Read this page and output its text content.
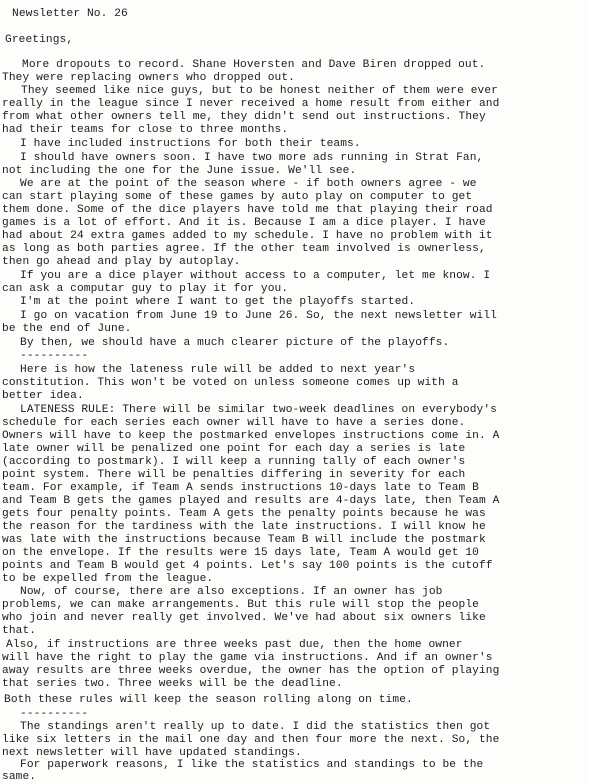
Newsletter No. 26
Greetings,
More dropouts to record. Shane Hoversten and Dave Biren dropped out.
They were replacing owners who dropped out.
They seemed like nice guys, but to be honest neither of them were ever
really in the league since I never received a home result from either and
from what other owners tell me, they didn't send out instructions. They
had their teams for close to three months.
I have included instructions for both their teams.
I should have owners soon. I have two more ads running in Strat Fan,
not including the one for the June issue. We'll see.
We are at the point of the season where - if both owners agree - we
can start playing some of these games by auto play on computer to get
them done. Some of the dice players have told me that playing their road
games is a lot of effort. And it is. Because I am a dice player. I have
had about 24 extra games added to my schedule. I have no problem with it
as long as both parties agree. If the other team involved is ownerless,
then go ahead and play by autoplay.
If you are a dice player without access to a computer, let me know. I
can ask a computar guy to play it for you.
I'm at the point where I want to get the playoffs started.
I go on vacation from June 19 to June 26. So, the next newsletter will
be the end of June.
By then, we should have a much clearer picture of the playoffs.
----------
Here is how the lateness rule will be added to next year's
constitution. This won't be voted on unless someone comes up with a
better idea.
LATENESS RULE: There will be similar two-week deadlines on everybody's
schedule for each series each owner will have to have a series done.
Owners will have to keep the postmarked envelopes instructions come in. A
late owner will be penalized one point for each day a series is late
(according to postmark). I will keep a running tally of each owner's
point system. There will be penalties differing in severity for each
team. For example, if Team A sends instructions 10-days late to Team B
and Team B gets the games played and results are 4-days late, then Team A
gets four penalty points. Team A gets the penalty points because he was
the reason for the tardiness with the late instructions. I will know he
was late with the instructions because Team B will include the postmark
on the envelope. If the results were 15 days late, Team A would get 10
points and Team B would get 4 points. Let's say 100 points is the cutoff
to be expelled from the league.
Now, of course, there are also exceptions. If an owner has job
problems, we can make arrangements. But this rule will stop the people
who join and never really get involved. We've had about six owners like
that.
Also, if instructions are three weeks past due, then the home owner
will have the right to play the game via instructions. And if an owner's
away results are three weeks overdue, the owner has the option of playing
that series two. Three weeks will be the deadline.
Both these rules will keep the season rolling along on time.
----------
The standings aren't really up to date. I did the statistics then got
like six letters in the mail one day and then four more the next. So, the
next newsletter will have updated standings.
For paperwork reasons, I like the statistics and standings to be the
same.
